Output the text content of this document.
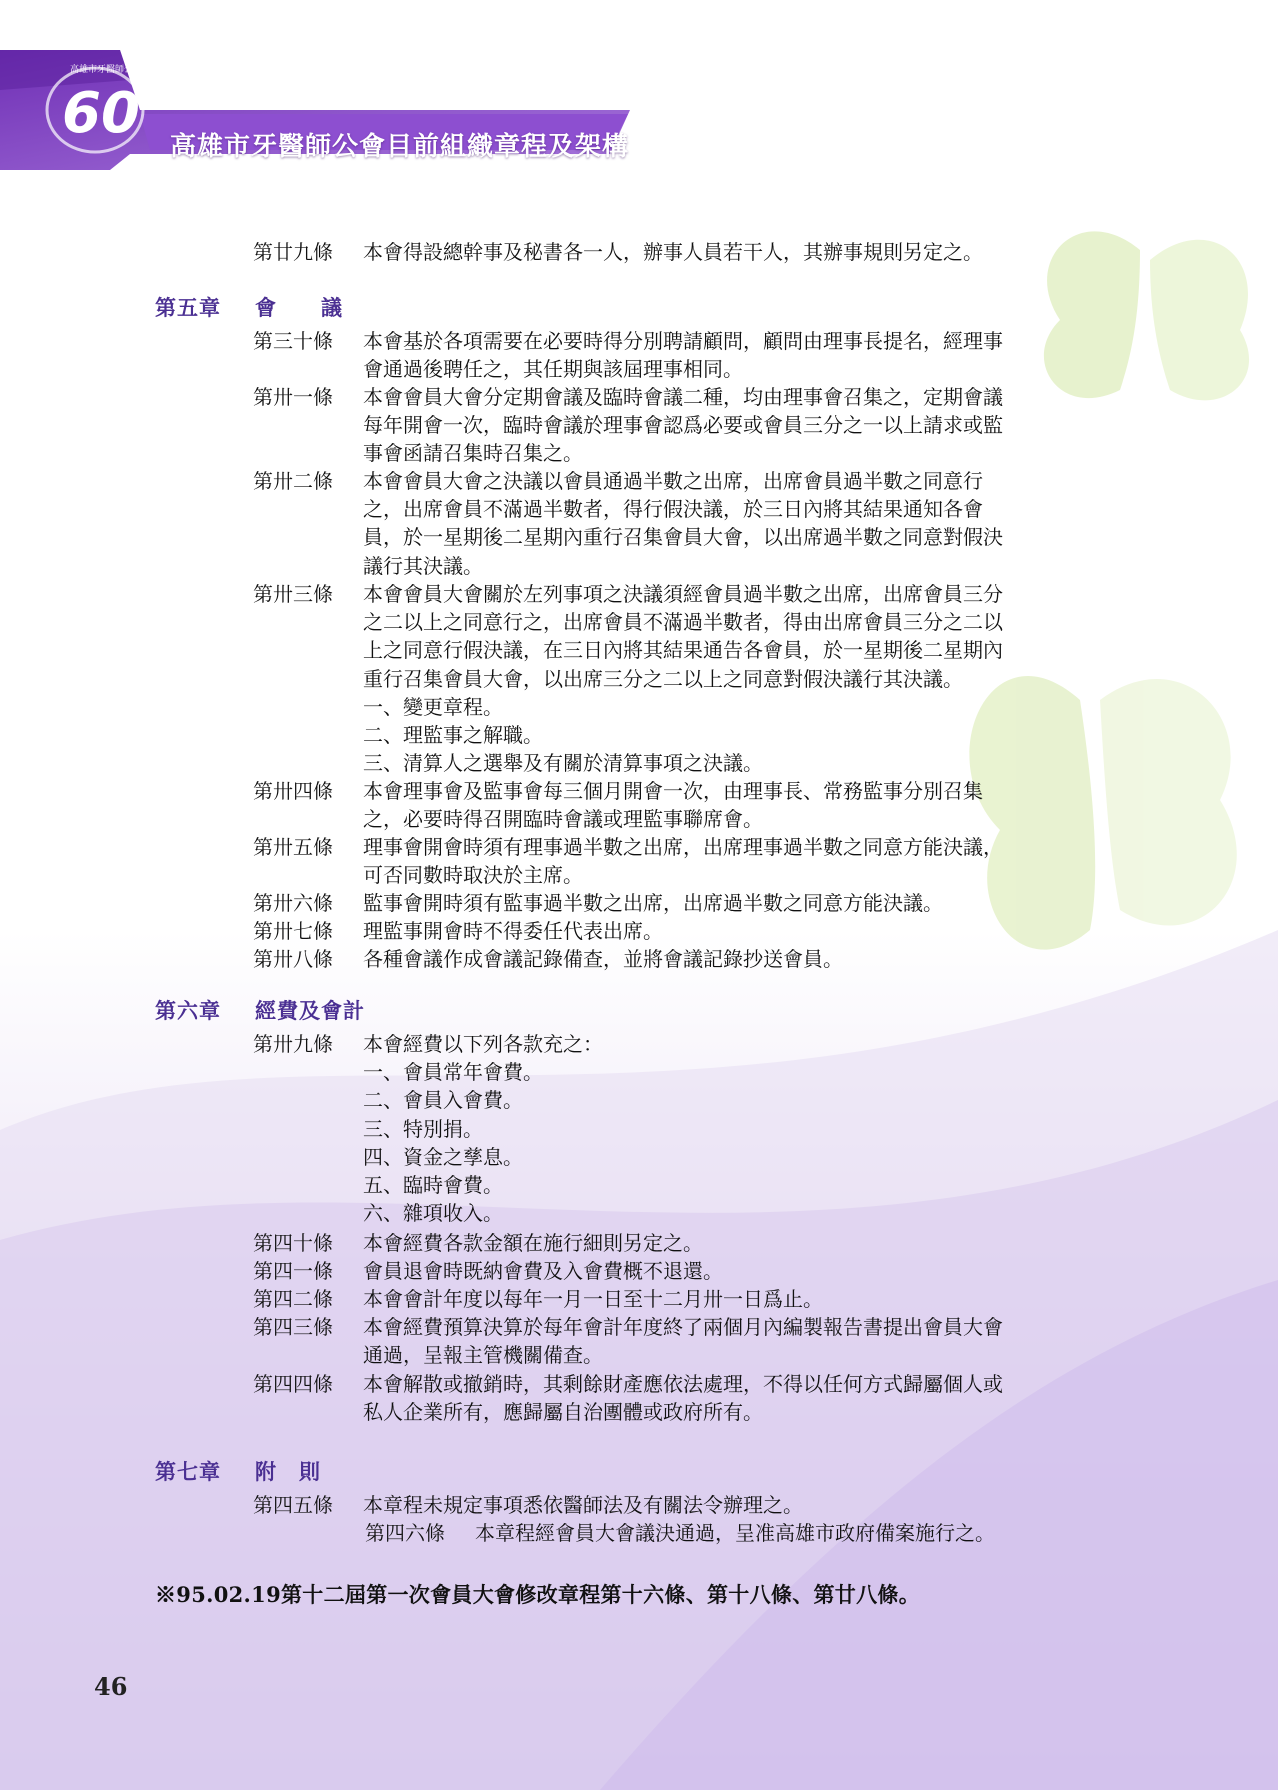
60
高雄市牙醫師公會
高雄市牙醫師公會目前組織章程及架構
第廿九條	本會得設總幹事及秘書各一人，辦事人員若干人，其辦事規則另定之。
第五章 會　　議
第三十條	本會基於各項需要在必要時得分別聘請顧問，顧問由理事長提名，經理事
會通過後聘任之，其任期與該屆理事相同。
第卅一條	本會會員大會分定期會議及臨時會議二種，均由理事會召集之，定期會議
每年開會一次，臨時會議於理事會認爲必要或會員三分之一以上請求或監
事會函請召集時召集之。
第卅二條	本會會員大會之決議以會員通過半數之出席，出席會員過半數之同意行
之，出席會員不滿過半數者，得行假決議，於三日內將其結果通知各會
員，於一星期後二星期內重行召集會員大會，以出席過半數之同意對假決
議行其決議。
第卅三條	本會會員大會關於左列事項之決議須經會員過半數之出席，出席會員三分
之二以上之同意行之，出席會員不滿過半數者，得由出席會員三分之二以
上之同意行假決議，在三日內將其結果通告各會員，於一星期後二星期內
重行召集會員大會，以出席三分之二以上之同意對假決議行其決議。
一、變更章程。
二、理監事之解職。
三、清算人之選舉及有關於清算事項之決議。
第卅四條	本會理事會及監事會每三個月開會一次，由理事長、常務監事分別召集
之，必要時得召開臨時會議或理監事聯席會。
第卅五條	理事會開會時須有理事過半數之出席，出席理事過半數之同意方能決議，
可否同數時取決於主席。
第卅六條	監事會開時須有監事過半數之出席，出席過半數之同意方能決議。
第卅七條	理監事開會時不得委任代表出席。
第卅八條	各種會議作成會議記錄備查，並將會議記錄抄送會員。
第六章 經費及會計
第卅九條	本會經費以下列各款充之：
一、會員常年會費。
二、會員入會費。
三、特別捐。
四、資金之孳息。
五、臨時會費。
六、雜項收入。
第四十條	本會經費各款金額在施行細則另定之。
第四一條	會員退會時既納會費及入會費概不退還。
第四二條	本會會計年度以每年一月一日至十二月卅一日爲止。
第四三條	本會經費預算決算於每年會計年度終了兩個月內編製報告書提出會員大會
通過，呈報主管機關備查。
第四四條	本會解散或撤銷時，其剩餘財產應依法處理，不得以任何方式歸屬個人或
私人企業所有，應歸屬自治團體或政府所有。
第七章 附　則
第四五條	本章程未規定事項悉依醫師法及有關法令辦理之。
第四六條	本章程經會員大會議決通過，呈准高雄市政府備案施行之。
※95.02.19第十二屆第一次會員大會修改章程第十六條、第十八條、第廿八條。
46
